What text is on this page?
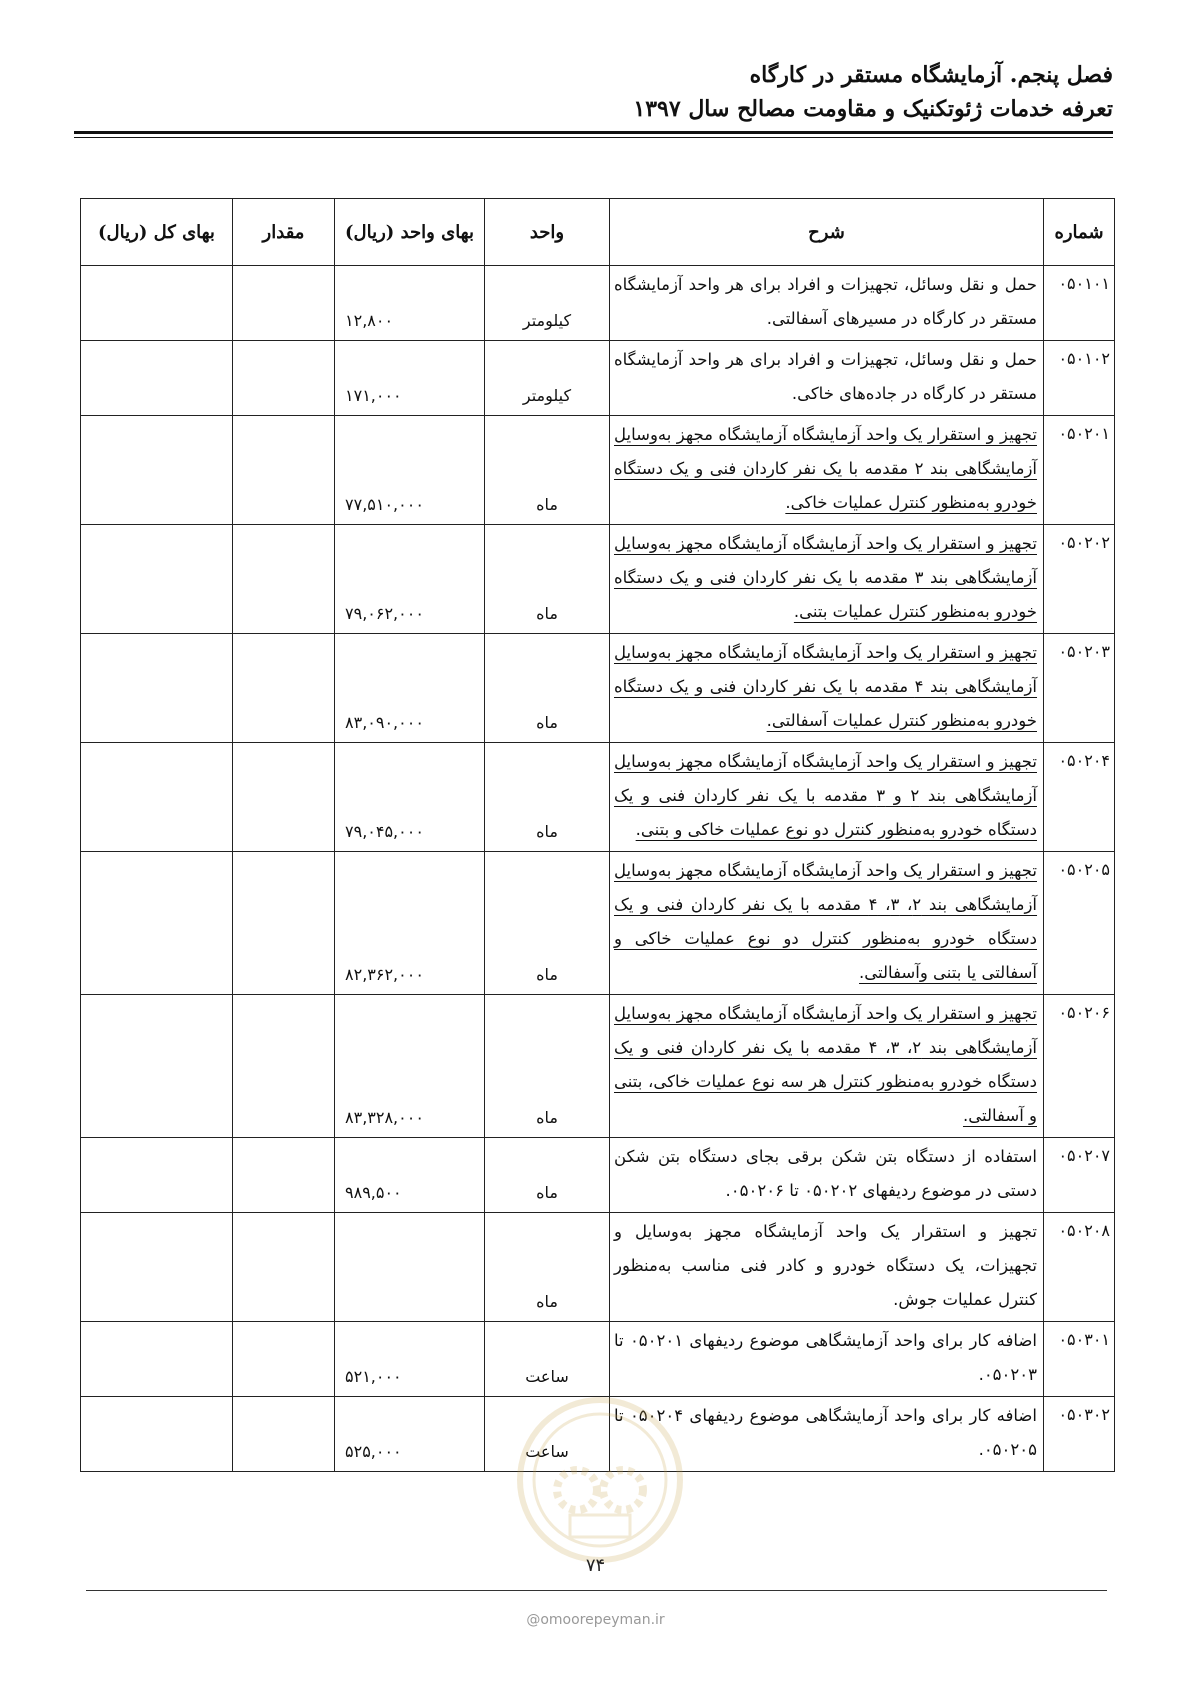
فصل پنجم. آزمایشگاه مستقر در کارگاه
تعرفه خدمات ژئوتکنیک و مقاومت مصالح سال ۱۳۹۷
شماره	شرح	واحد	بهای واحد (ریال)	مقدار	بهای کل (ریال)
۰۵۰۱۰۱	حمل و نقل وسائل، تجهیزات و افراد برای هر واحد آزمایشگاه مستقر در کارگاه در مسیرهای آسفالتی.	کیلومتر	۱۲,۸۰۰		
۰۵۰۱۰۲	حمل و نقل وسائل، تجهیزات و افراد برای هر واحد آزمایشگاه مستقر در کارگاه در جاده‌های خاکی.	کیلومتر	۱۷۱,۰۰۰		
۰۵۰۲۰۱	تجهیز و استقرار یک واحد آزمایشگاه آزمایشگاه مجهز به‌وسایل آزمایشگاهی بند ۲ مقدمه با یک نفر کاردان فنی و یک دستگاه خودرو به‌منظور کنترل عملیات خاکی.	ماه	۷۷,۵۱۰,۰۰۰		
۰۵۰۲۰۲	تجهیز و استقرار یک واحد آزمایشگاه آزمایشگاه مجهز به‌وسایل آزمایشگاهی بند ۳ مقدمه با یک نفر کاردان فنی و یک دستگاه خودرو به‌منظور کنترل عملیات بتنی.	ماه	۷۹,۰۶۲,۰۰۰		
۰۵۰۲۰۳	تجهیز و استقرار یک واحد آزمایشگاه آزمایشگاه مجهز به‌وسایل آزمایشگاهی بند ۴ مقدمه با یک نفر کاردان فنی و یک دستگاه خودرو به‌منظور کنترل عملیات آسفالتی.	ماه	۸۳,۰۹۰,۰۰۰		
۰۵۰۲۰۴	تجهیز و استقرار یک واحد آزمایشگاه آزمایشگاه مجهز به‌وسایل آزمایشگاهی بند ۲ و ۳ مقدمه با یک نفر کاردان فنی و یک دستگاه خودرو به‌منظور کنترل دو نوع عملیات خاکی و بتنی.	ماه	۷۹,۰۴۵,۰۰۰		
۰۵۰۲۰۵	تجهیز و استقرار یک واحد آزمایشگاه آزمایشگاه مجهز به‌وسایل آزمایشگاهی بند ۲، ۳، ۴ مقدمه با یک نفر کاردان فنی و یک دستگاه خودرو به‌منظور کنترل دو نوع عملیات خاکی و آسفالتی یا بتنی وآسفالتی.	ماه	۸۲,۳۶۲,۰۰۰		
۰۵۰۲۰۶	تجهیز و استقرار یک واحد آزمایشگاه آزمایشگاه مجهز به‌وسایل آزمایشگاهی بند ۲، ۳، ۴ مقدمه با یک نفر کاردان فنی و یک دستگاه خودرو به‌منظور کنترل هر سه نوع عملیات خاکی، بتنی و آسفالتی.	ماه	۸۳,۳۲۸,۰۰۰		
۰۵۰۲۰۷	استفاده از دستگاه بتن شکن برقی بجای دستگاه بتن شکن دستی در موضوع ردیفهای ۰۵۰۲۰۲ تا ۰۵۰۲۰۶.	ماه	۹۸۹,۵۰۰		
۰۵۰۲۰۸	تجهیز و استقرار یک واحد آزمایشگاه مجهز به‌وسایل و تجهیزات، یک دستگاه خودرو و کادر فنی مناسب به‌منظور کنترل عملیات جوش.	ماه			
۰۵۰۳۰۱	اضافه کار برای واحد آزمایشگاهی موضوع ردیفهای ۰۵۰۲۰۱ تا ۰۵۰۲۰۳.	ساعت	۵۲۱,۰۰۰		
۰۵۰۳۰۲	اضافه کار برای واحد آزمایشگاهی موضوع ردیفهای ۰۵۰۲۰۴ تا ۰۵۰۲۰۵.	ساعت	۵۲۵,۰۰۰		
۷۴
@omoorepeyman.ir
